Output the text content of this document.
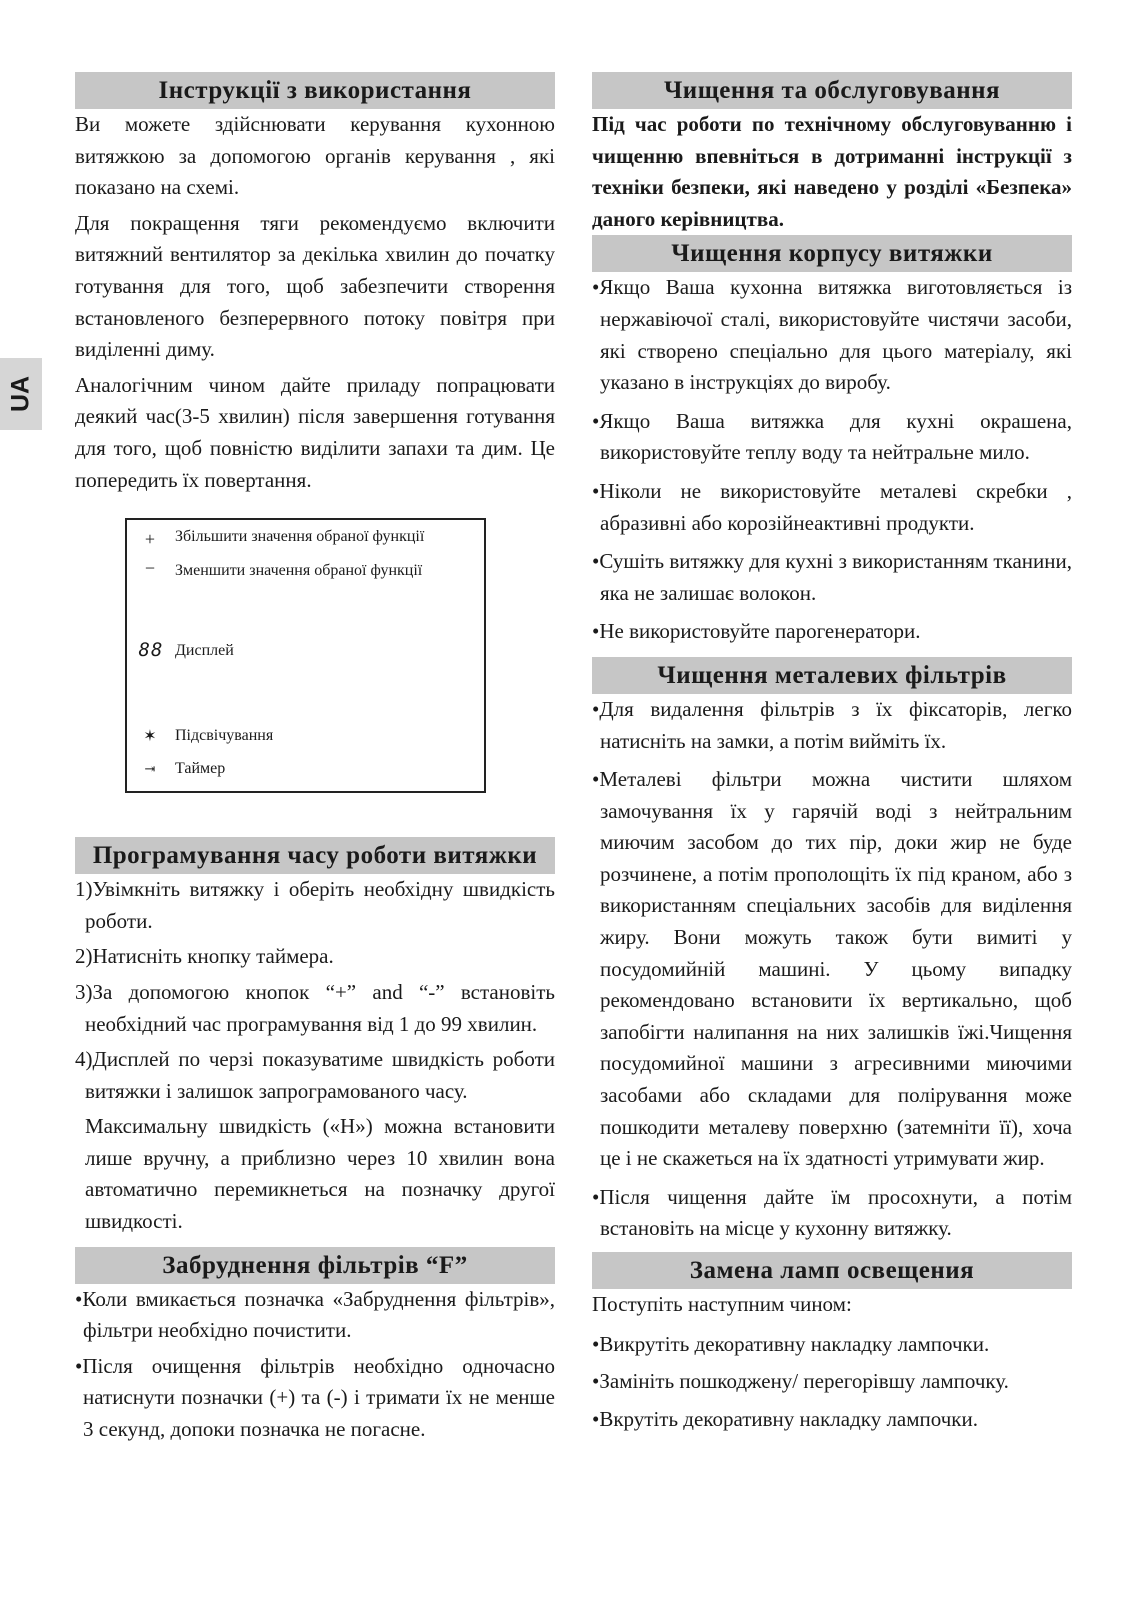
UA
Інструкції з використання

Ви можете здійснювати керування кухонною витяжкою за допомогою органів керування , які показано на схемі.

Для покращення тяги рекомендуємо включити витяжний вентилятор за декілька хвилин до початку готування для того, щоб забезпечити створення встановленого безперервного потоку повітря при виділенні диму.

Аналогічним чином дайте приладу попрацювати деякий час(3-5 хвилин) після завершення готування для того, щоб повністю виділити запахи та дим. Це попередить їх повертання.

+	Збільшити значення обраної функції
−	Зменшити значення обраної функції
88 Дисплей
✶	Підсвічування
⇥	Таймер
Програмування часу роботи витяжки

1)Увімкніть витяжку і оберіть необхідну швидкість роботи.

2)Натисніть кнопку таймера.

3)За допомогою кнопок “+” and “-” встановіть необхідний час програмування від 1 до 99 хвилин.

4)Дисплей по черзі показуватиме швидкість роботи витяжки і залишок запрограмованого часу.

Максимальну швидкість («H») можна встановити лише вручну, а приблизно через 10 хвилин вона автоматично перемикнеться на позначку другої швидкості.

Забруднення фільтрів “F”

•Коли вмикається позначка «Забруднення фільтрів», фільтри необхідно почистити.

•Після очищення фільтрів необхідно одночасно натиснути позначки (+) та (-) і тримати їх не менше 3 секунд, допоки позначка не погасне.

Чищення та обслуговування

Під час роботи по технічному обслуговуванню і чищенню впевніться в дотриманні інструкції з техніки безпеки, які наведено у розділі «Безпека» даного керівництва.

Чищення корпусу витяжки

•Якщо Ваша кухонна витяжка виготовляється із нержавіючої сталі, використовуйте чистячи засоби, які створено спеціально для цього матеріалу, які указано в інструкціях до виробу.

•Якщо Ваша витяжка для кухні окрашена, використовуйте теплу воду та нейтральне мило.

•Ніколи не використовуйте металеві скребки , абразивні або корозійнеактивні продукти.

•Сушіть витяжку для кухні з використанням тканини, яка не залишає волокон.

•Не використовуйте парогенератори.

Чищення металевих фільтрів

•Для видалення фільтрів з їх фіксаторів, легко натисніть на замки, а потім вийміть їх.

•Металеві фільтри можна чистити шляхом замочування їх у гарячій воді з нейтральним миючим засобом до тих пір, доки жир не буде розчинене, а потім прополощіть їх під краном, або з використанням спеціальних засобів для виділення жиру. Вони можуть також бути вимиті у посудомийній машині. У цьому випадку рекомендовано встановити їх вертикально, щоб запобігти налипання на них залишків їжі.Чищення посудомийної машини з агресивними миючими засобами або складами для полірування може пошкодити металеву поверхню (затемніти її), хоча це і не скажеться на їх здатності утримувати жир.

•Після чищення дайте їм просохнути, а потім встановіть на місце у кухонну витяжку.

Замена ламп освещения

Поступіть наступним чином:

•Викрутіть декоративну накладку лампочки.

•Замініть пошкоджену/ перегорівшу лампочку.

•Вкрутіть декоративну накладку лампочки.
